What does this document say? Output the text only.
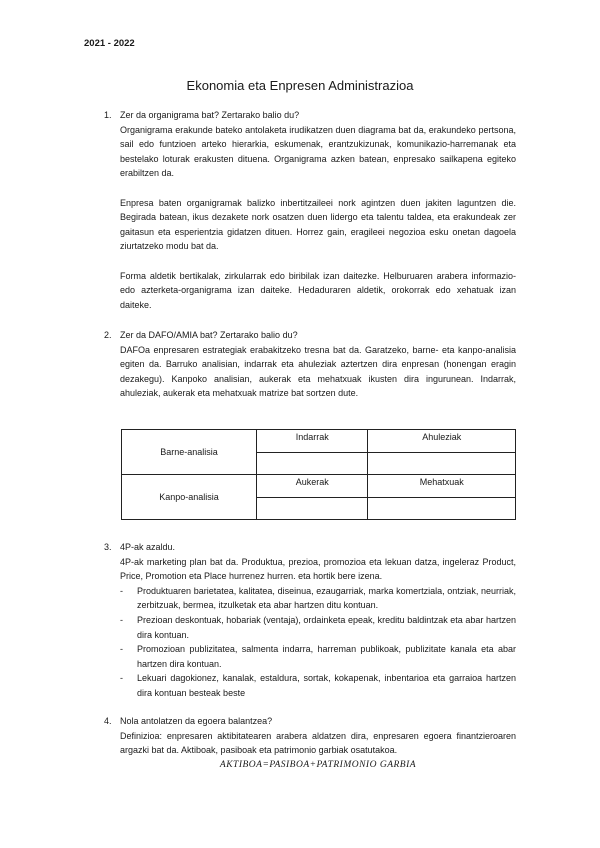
2021 - 2022
Ekonomia eta Enpresen Administrazioa
1. Zer da organigrama bat? Zertarako balio du?

Organigrama erakunde bateko antolaketa irudikatzen duen diagrama bat da, erakundeko pertsona, sail edo funtzioen arteko hierarkia, eskumenak, erantzukizunak, komunikazio-harremanak eta bestelako loturak erakusten dituena. Organigrama azken batean, enpresako sailkapena egiteko erabiltzen da.

Enpresa baten organigramak balizko inbertitzaileei nork agintzen duen jakiten laguntzen die. Begirada batean, ikus dezakete nork osatzen duen lidergo eta talentu taldea, eta erakundeak zer gaitasun eta esperientzia gidatzen dituen. Horrez gain, eragileei negozioa esku onetan dagoela ziurtatzeko modu bat da.

Forma aldetik bertikalak, zirkularrak edo biribilak izan daitezke. Helburuaren arabera informazio- edo azterketa-organigrama izan daiteke. Hedaduraren aldetik, orokorrak edo xehatuak izan daiteke.

2. Zer da DAFO/AMIA bat? Zertarako balio du?

DAFOa enpresaren estrategiak erabakitzeko tresna bat da. Garatzeko, barne- eta kanpo-analisia egiten da. Barruko analisian, indarrak eta ahuleziak aztertzen dira enpresan (honengan eragin dezakegu). Kanpoko analisian, aukerak eta mehatxuak ikusten dira ingurunean. Indarrak, ahuleziak, aukerak eta mehatxuak matrize bat sortzen dute.

Barne-analisia	Indarrak	Ahuleziak

Kanpo-analisia	Aukerak	Mehatxuak

3. 4P-ak azaldu.

4P-ak marketing plan bat da. Produktua, prezioa, promozioa eta lekuan datza, ingeleraz Product, Price, Promotion eta Place hurrenez hurren. eta hortik bere izena.

- Produktuaren barietatea, kalitatea, diseinua, ezaugarriak, marka komertziala, ontziak, neurriak, zerbitzuak, bermea, itzulketak eta abar hartzen ditu kontuan.
- Prezioan deskontuak, hobariak (ventaja), ordainketa epeak, kreditu baldintzak eta abar hartzen dira kontuan.
- Promozioan publizitatea, salmenta indarra, harreman publikoak, publizitate kanala eta abar hartzen dira kontuan.
- Lekuari dagokionez, kanalak, estaldura, sortak, kokapenak, inbentarioa eta garraioa hartzen dira kontuan besteak beste
4. Nola antolatzen da egoera balantzea?

Definizioa: enpresaren aktibitatearen arabera aldatzen dira, enpresaren egoera finantzieroaren argazki bat da. Aktiboak, pasiboak eta patrimonio garbiak osatutakoa.

AKTIBOA=PASIBOA+PATRIMONIO GARBIA
